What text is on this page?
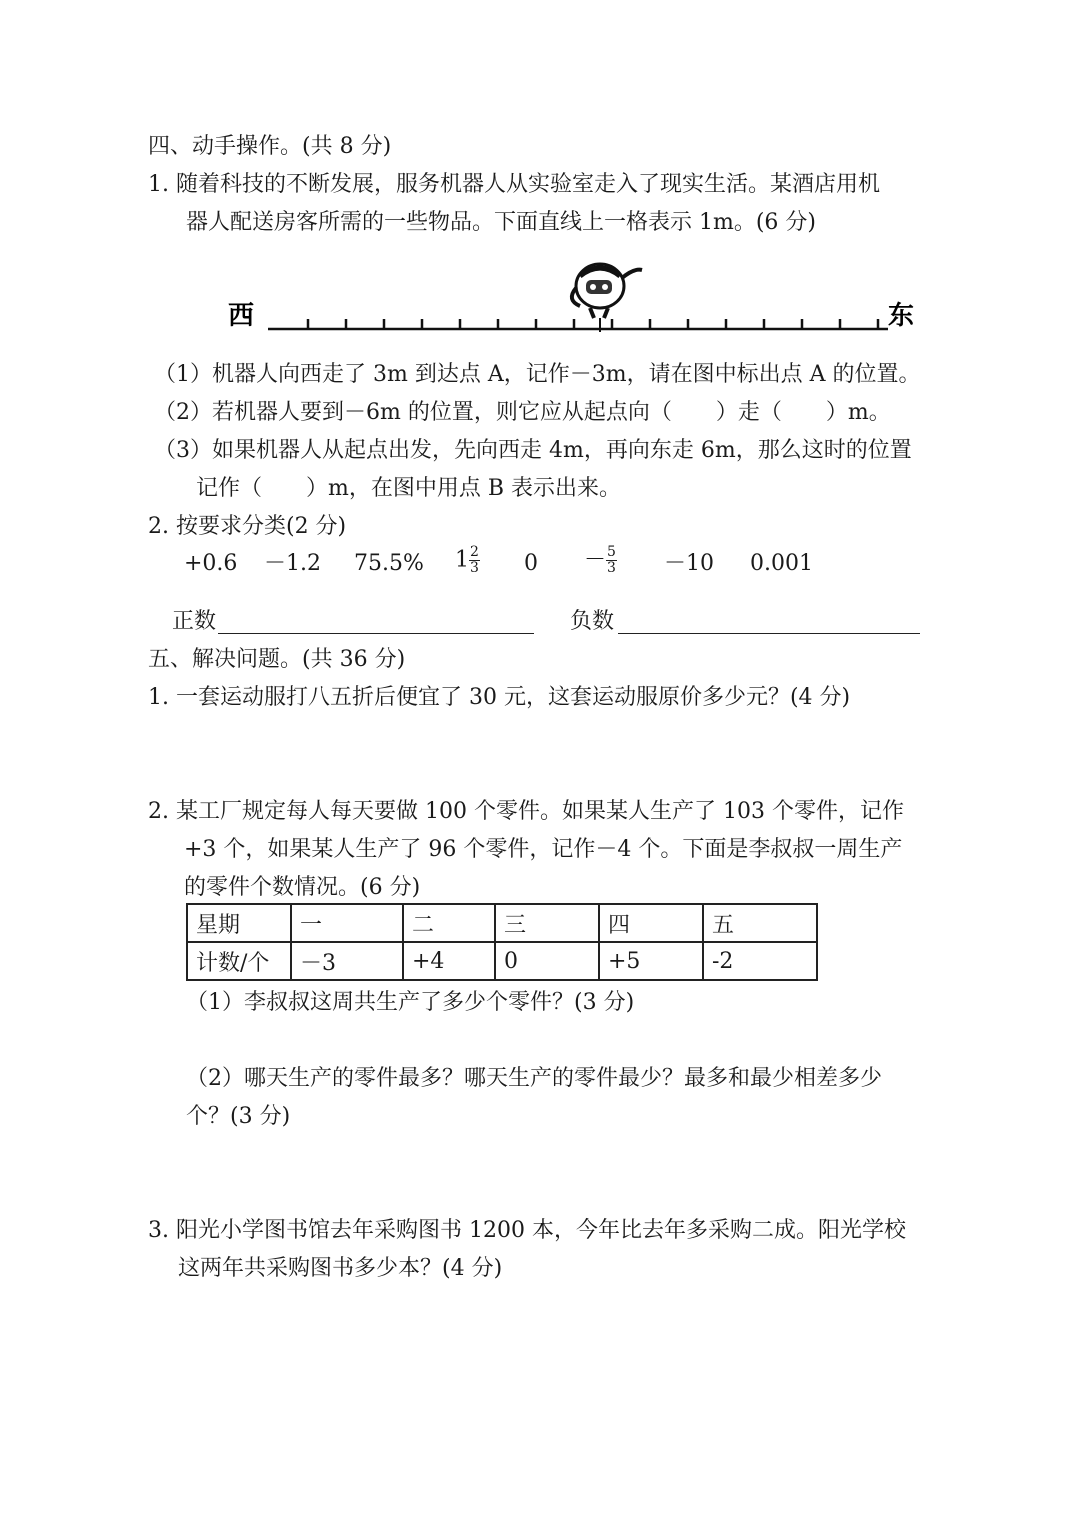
四、动手操作。(共 8 分)
1. 随着科技的不断发展，服务机器人从实验室走入了现实生活。某酒店用机
器人配送房客所需的一些物品。下面直线上一格表示 1m。(6 分)
西	东
（1）机器人向西走了 3m 到达点 A，记作－3m，请在图中标出点 A 的位置。
（2）若机器人要到－6m 的位置，则它应从起点向（　　）走（　　）m。
（3）如果机器人从起点出发，先向西走 4m，再向东走 6m，那么这时的位置
记作（　　）m，在图中用点 B 表示出来。
2. 按要求分类(2 分)
+0.6 －1.2 75.5% $1 \frac{2}{3} 0 - \frac{5}{3} -10$ 0.001
正数	负数
五、解决问题。(共 36 分)
1. 一套运动服打八五折后便宜了 30 元，这套运动服原价多少元？(4 分)
2. 某工厂规定每人每天要做 100 个零件。如果某人生产了 103 个零件，记作
+3 个，如果某人生产了 96 个零件，记作－4 个。下面是李叔叔一周生产
的零件个数情况。(6 分)
星期	一	二	三	四	五
计数/个	－3	+4	0	+5	-2
（1）李叔叔这周共生产了多少个零件？(3 分)
（2）哪天生产的零件最多？哪天生产的零件最少？最多和最少相差多少
个？(3 分)
3. 阳光小学图书馆去年采购图书 1200 本，今年比去年多采购二成。阳光学校
这两年共采购图书多少本？(4 分)
